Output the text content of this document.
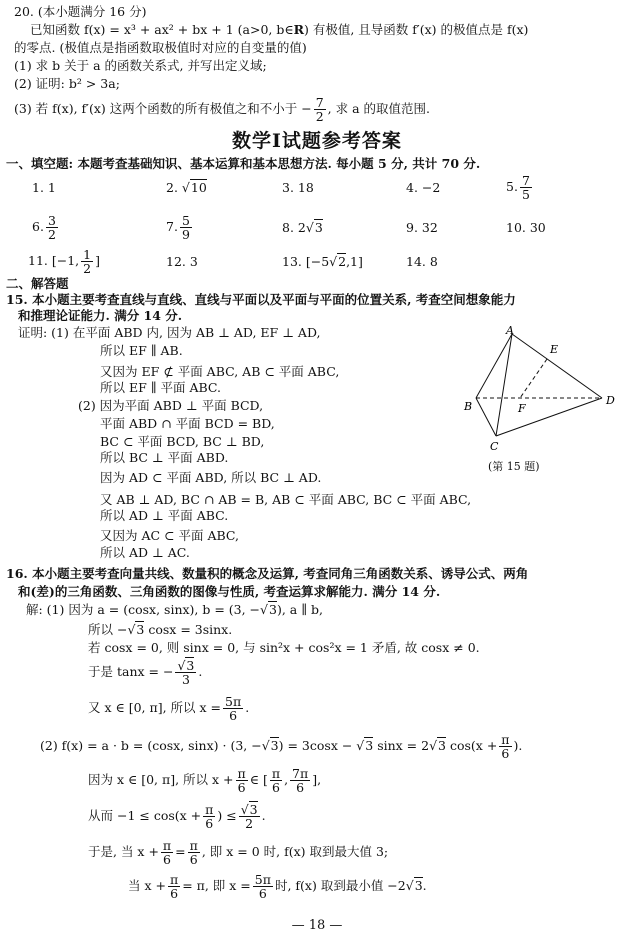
20. (本小题满分 16 分)
已知函数 f(x) = x³ + ax² + bx + 1 (a>0, b∈R) 有极值, 且导函数 f′(x) 的极值点是 f(x)
的零点. (极值点是指函数取极值时对应的自变量的值)
(1) 求 b 关于 a 的函数关系式, 并写出定义域;
(2) 证明: b² > 3a;
(3) 若 f(x), f′(x) 这两个函数的所有极值之和不小于 − $\frac{7}{2}$ , 求 a 的取值范围.
数学Ⅰ试题参考答案
一、填空题: 本题考查基础知识、基本运算和基本思想方法. 每小题 5 分, 共计 70 分.
1. 1	2. √10	3. 18	4. −2	5. $\frac{7}{5}$
6. $\frac{3}{2}$	7. $\frac{5}{9}$	8. 2√3	9. 32	10. 30
11. [−1, $\frac{1}{2}$ ]	12. 3	13. [−5√2,1]	14. 8
二、解答题
15. 本小题主要考查直线与直线、直线与平面以及平面与平面的位置关系, 考查空间想象能力
和推理论证能力. 满分 14 分.
证明: (1) 在平面 ABD 内, 因为 AB ⊥ AD, EF ⊥ AD,
所以 EF ∥ AB.
又因为 EF ⊄ 平面 ABC, AB ⊂ 平面 ABC,
所以 EF ∥ 平面 ABC.
(2) 因为平面 ABD ⊥ 平面 BCD,
平面 ABD ∩ 平面 BCD = BD,
BC ⊂ 平面 BCD, BC ⊥ BD,
所以 BC ⊥ 平面 ABD.
因为 AD ⊂ 平面 ABD, 所以 BC ⊥ AD.
又 AB ⊥ AD, BC ∩ AB = B, AB ⊂ 平面 ABC, BC ⊂ 平面 ABC,
所以 AD ⊥ 平面 ABC.
又因为 AC ⊂ 平面 ABC,
所以 AD ⊥ AC.
A
E
B	F
D
C
(第 15 题)
16. 本小题主要考查向量共线、数量积的概念及运算, 考查同角三角函数关系、诱导公式、两角
和(差)的三角函数、三角函数的图像与性质, 考查运算求解能力. 满分 14 分.
解: (1) 因为 a = (cosx, sinx), b = (3, −√3), a ∥ b,
所以 −√3 cosx = 3sinx.
若 cosx = 0, 则 sinx = 0, 与 sin²x + cos²x = 1 矛盾, 故 cosx ≠ 0.
于是 tanx = − $\frac{√3}{3}$ .
又 x ∈ [0, π], 所以 $x = \frac{5\pi}{6}$ .
(2) f(x) = a · b = (cosx, sinx) · (3, −√3) = 3cosx − √3 sinx = 2√3 $\cos(x + \frac{\pi}{6}$ ).
因为 x ∈ [0, π], 所以 $x + \frac{\pi}{6}$ ∈ [ $\frac{\pi}{6}$ , $\frac{7\pi}{6}$ ],
从而 $-1 \le \cos(x + \frac{\pi}{6}$ ) ≤ $\frac{√3}{2}$ .
于是, 当 $x + \frac{\pi}{6} = \frac{\pi}{6}$ , 即 x = 0 时, f(x) 取到最大值 3;
当 $x + \frac{\pi}{6} = \pi$, 即 $x = \frac{5\pi}{6}$ 时, f(x) 取到最小值 −2√3.
— 18 —
